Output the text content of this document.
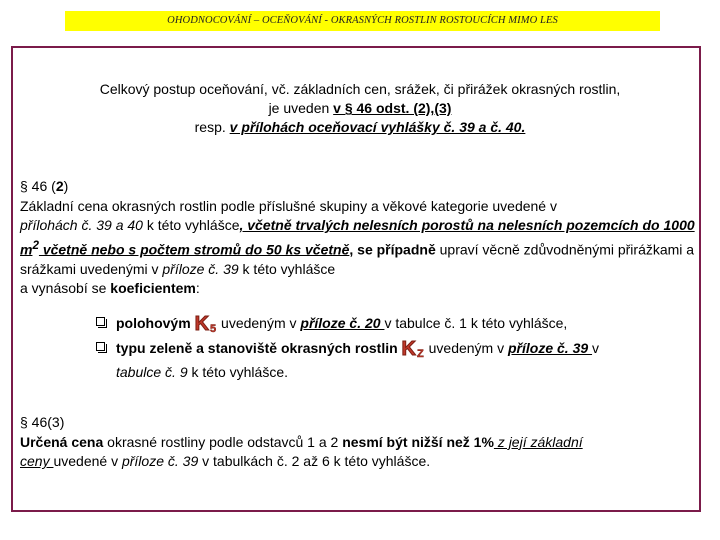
OHODNOCOVÁNÍ – OCEŇOVÁNÍ - OKRASNÝCH ROSTLIN ROSTOUCÍCH MIMO LES
Celkový postup oceňování, vč. základních cen, srážek, či přirážek okrasných rostlin,
je uveden v § 46 odst. (2),(3)
resp. v přílohách oceňovací vyhlášky č. 39 a č. 40.
§ 46 (2)
Základní cena okrasných rostlin podle příslušné skupiny a věkové kategorie uvedené v
přílohách č. 39 a 40 k této vyhlášce, včetně trvalých nelesních porostů na nelesních pozemcích do 1000 $m^2$ včetně nebo s počtem stromů do 50 ks včetně, se případně upraví věcně zdůvodněnými přirážkami a srážkami uvedenými v příloze č. 39 k této vyhlášce
a vynásobí se koeficientem:
polohovým $K_5$ uvedeným v příloze č. 20 v tabulce č. 1 k této vyhlášce,
typu zeleně a stanoviště okrasných rostlin $K_Z$ uvedeným v příloze č. 39 v
tabulce č. 9 k této vyhlášce.
§ 46(3)
Určená cena okrasné rostliny podle odstavců 1 a 2 nesmí být nižší než 1% z její základní
ceny uvedené v příloze č. 39 v tabulkách č. 2 až 6 k této vyhlášce.
